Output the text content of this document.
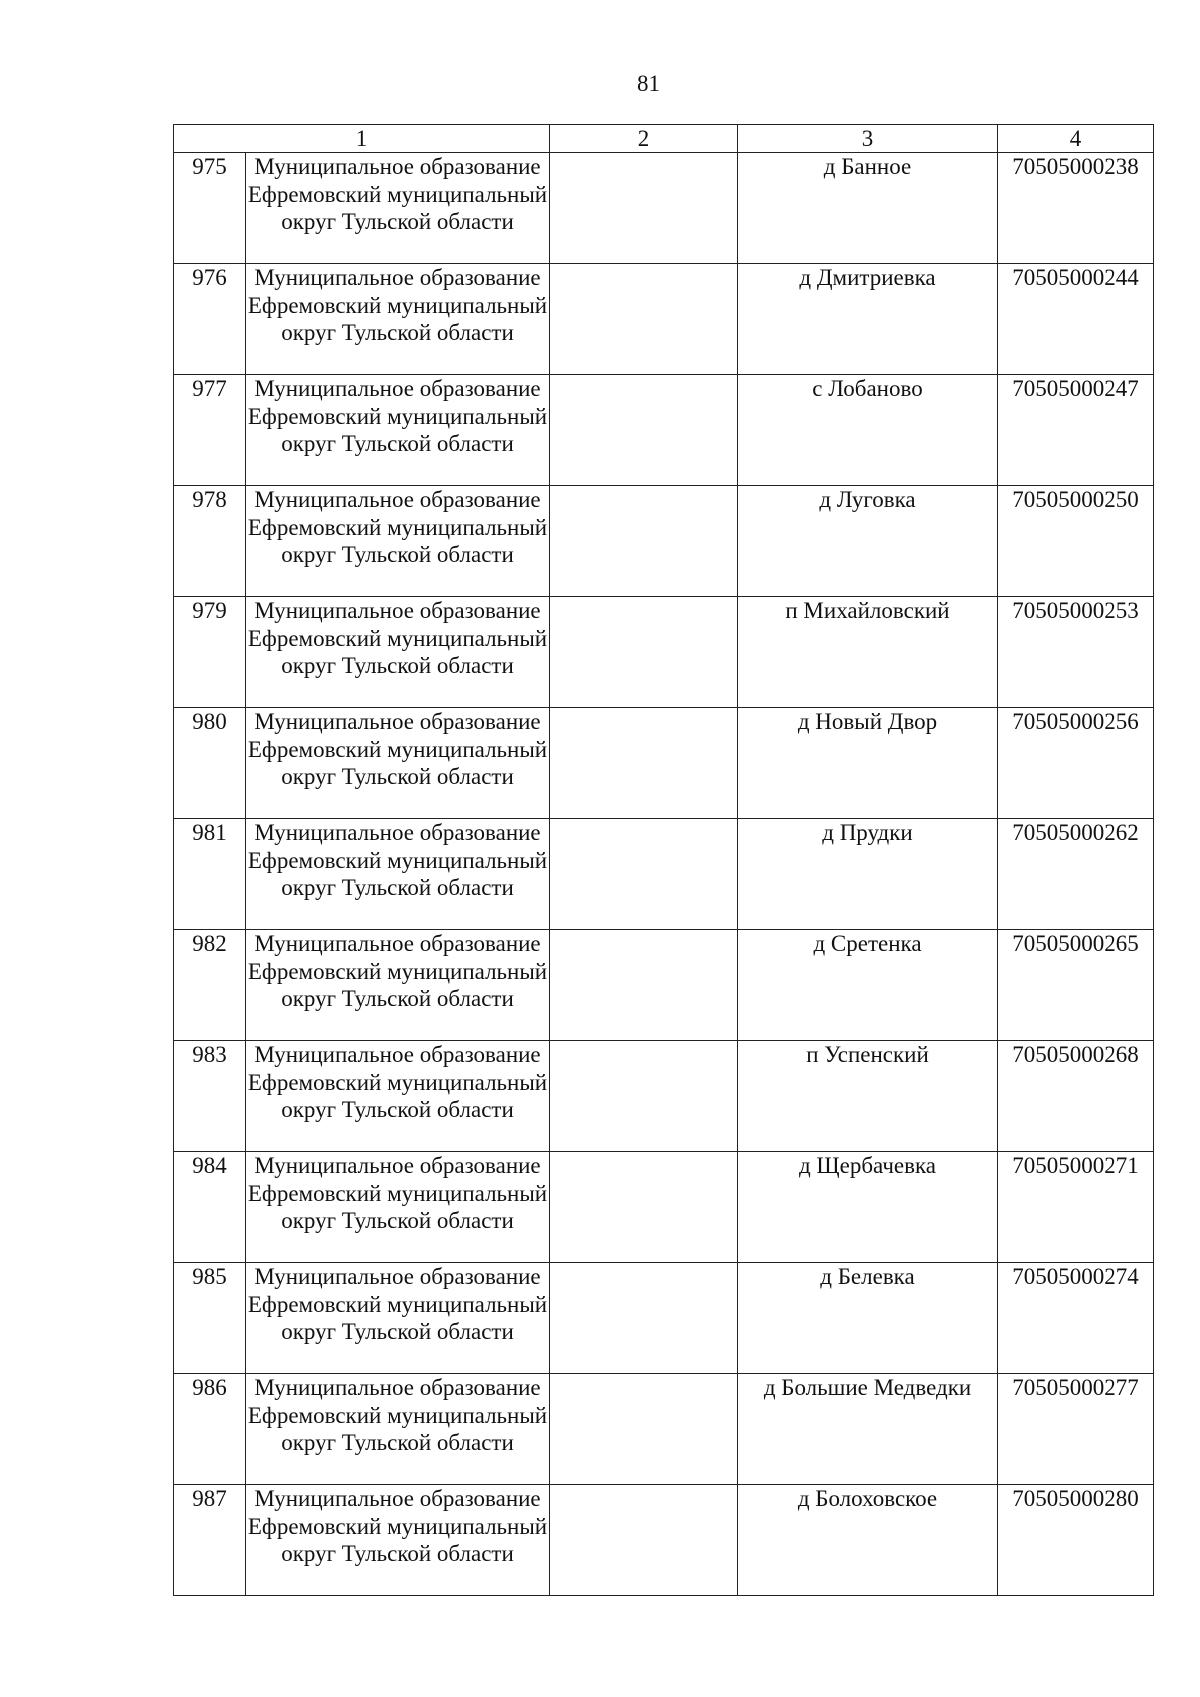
81
1		2	3	4
975	Муниципальное образование Ефремовский муниципальный округ Тульской области		д Банное	70505000238
976	Муниципальное образование Ефремовский муниципальный округ Тульской области		д Дмитриевка	70505000244
977	Муниципальное образование Ефремовский муниципальный округ Тульской области		с Лобаново	70505000247
978	Муниципальное образование Ефремовский муниципальный округ Тульской области		д Луговка	70505000250
979	Муниципальное образование Ефремовский муниципальный округ Тульской области		п Михайловский	70505000253
980	Муниципальное образование Ефремовский муниципальный округ Тульской области		д Новый Двор	70505000256
981	Муниципальное образование Ефремовский муниципальный округ Тульской области		д Прудки	70505000262
982	Муниципальное образование Ефремовский муниципальный округ Тульской области		д Сретенка	70505000265
983	Муниципальное образование Ефремовский муниципальный округ Тульской области		п Успенский	70505000268
984	Муниципальное образование Ефремовский муниципальный округ Тульской области		д Щербачевка	70505000271
985	Муниципальное образование Ефремовский муниципальный округ Тульской области		д Белевка	70505000274
986	Муниципальное образование Ефремовский муниципальный округ Тульской области		д Большие Медведки	70505000277
987	Муниципальное образование Ефремовский муниципальный округ Тульской области		д Болоховское	70505000280
